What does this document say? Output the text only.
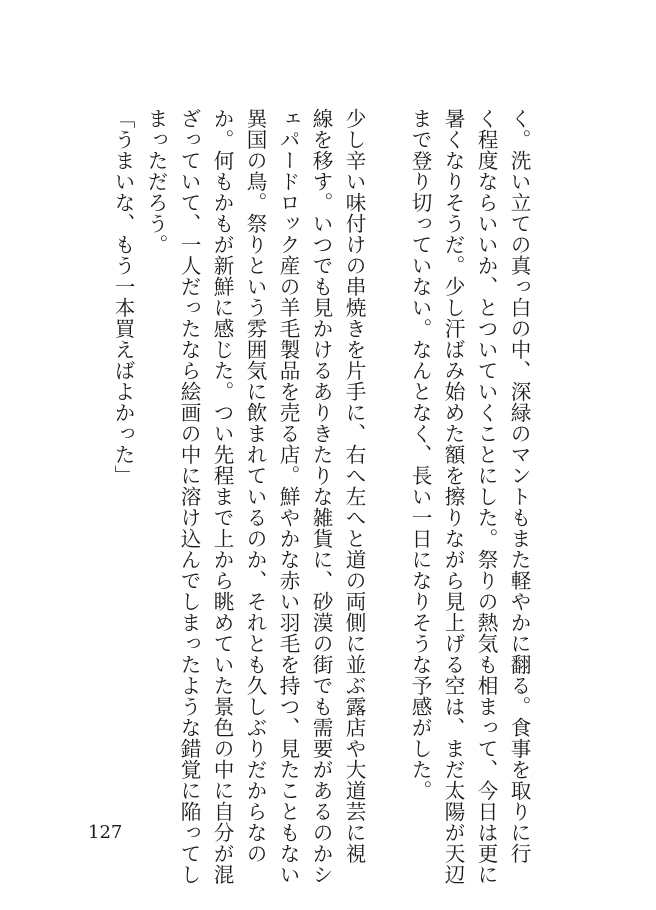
く。洗い立ての真っ白の中、深緑のマントもまた軽やかに翻る。食事を取りに行
く程度ならいいか、とついていくことにした。祭りの熱気も相まって、今日は更に
暑くなりそうだ。少し汗ばみ始めた額を擦りながら見上げる空は、まだ太陽が天辺
まで登り切っていない。なんとなく、長い一日になりそうな予感がした。
少し辛い味付けの串焼きを片手に、右へ左へと道の両側に並ぶ露店や大道芸に視
線を移す。いつでも見かけるありきたりな雑貨に、砂漠の街でも需要があるのかシ
ェパードロック産の羊毛製品を売る店。鮮やかな赤い羽毛を持つ、見たこともない
異国の鳥。祭りという雰囲気に飲まれているのか、それとも久しぶりだからなの
か。何もかもが新鮮に感じた。つい先程まで上から眺めていた景色の中に自分が混
ざっていて、一人だったなら絵画の中に溶け込んでしまったような錯覚に陥ってし
まっただろう。
「うまいな、もう一本買えばよかった」
127
